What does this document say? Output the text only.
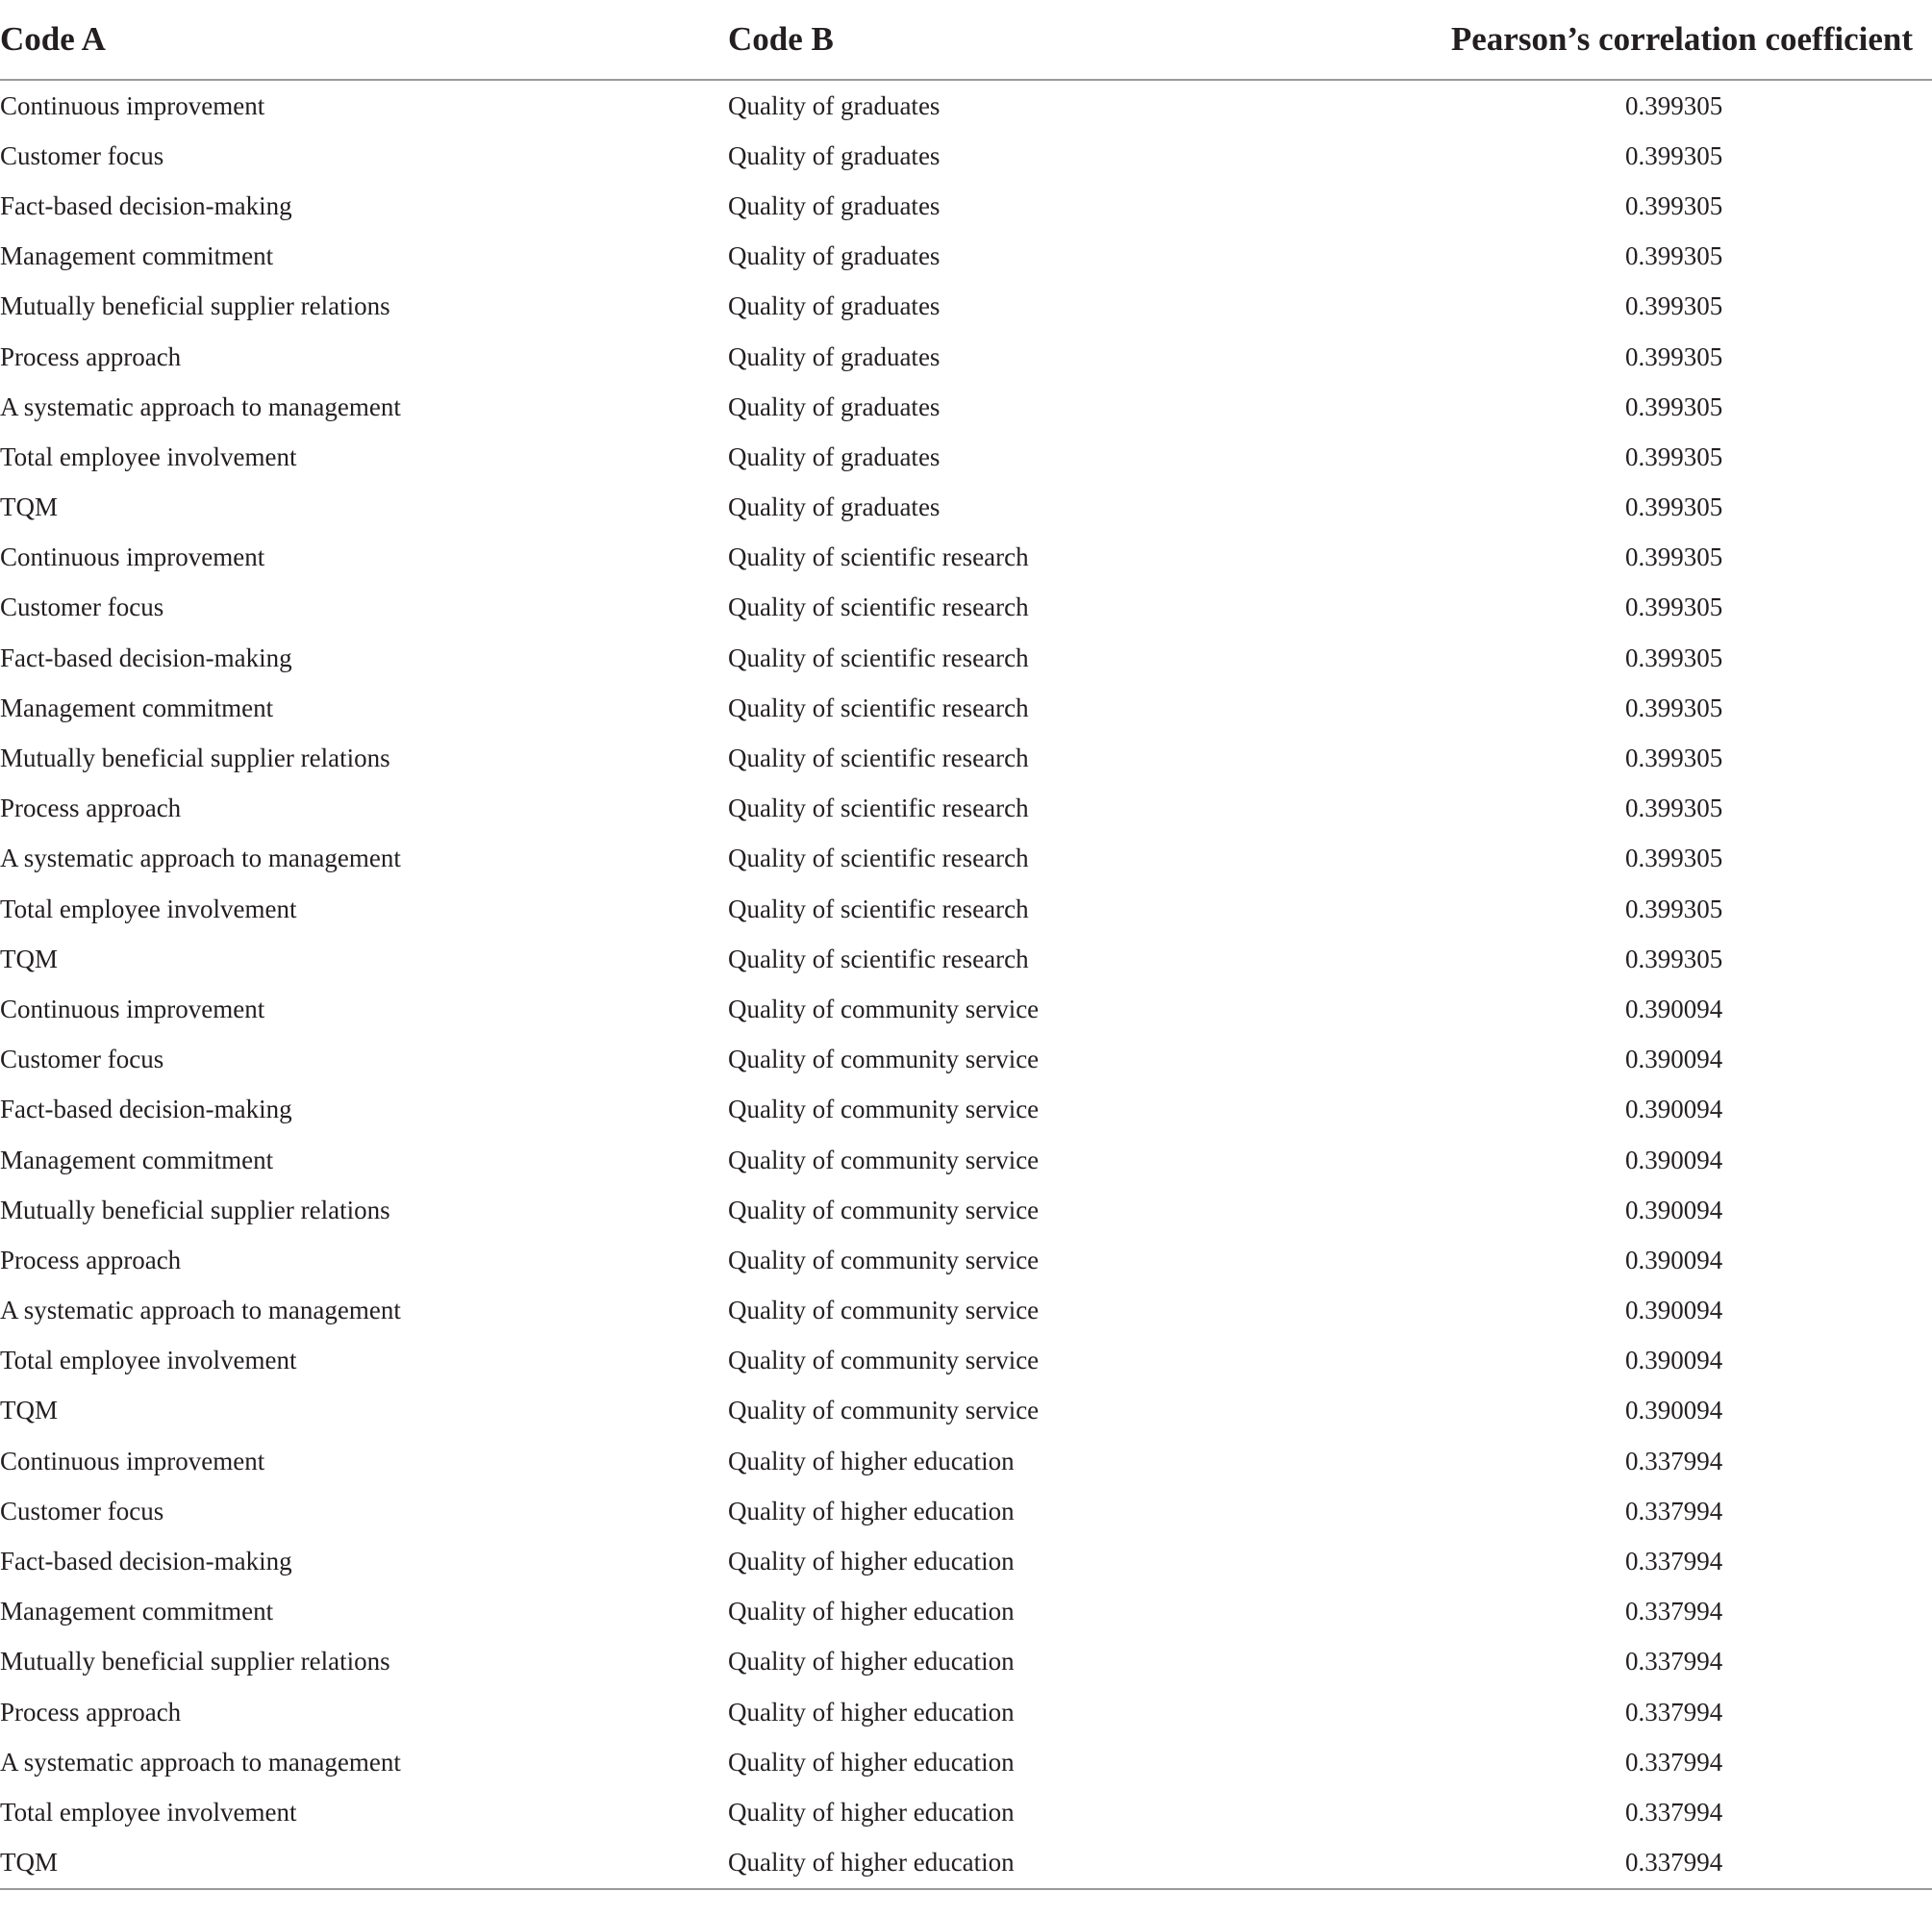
Code A	Code B	Pearson’s correlation coefficient
Continuous improvement	Quality of graduates	0.399305
Customer focus	Quality of graduates	0.399305
Fact-based decision-making	Quality of graduates	0.399305
Management commitment	Quality of graduates	0.399305
Mutually beneficial supplier relations	Quality of graduates	0.399305
Process approach	Quality of graduates	0.399305
A systematic approach to management	Quality of graduates	0.399305
Total employee involvement	Quality of graduates	0.399305
TQM	Quality of graduates	0.399305
Continuous improvement	Quality of scientific research	0.399305
Customer focus	Quality of scientific research	0.399305
Fact-based decision-making	Quality of scientific research	0.399305
Management commitment	Quality of scientific research	0.399305
Mutually beneficial supplier relations	Quality of scientific research	0.399305
Process approach	Quality of scientific research	0.399305
A systematic approach to management	Quality of scientific research	0.399305
Total employee involvement	Quality of scientific research	0.399305
TQM	Quality of scientific research	0.399305
Continuous improvement	Quality of community service	0.390094
Customer focus	Quality of community service	0.390094
Fact-based decision-making	Quality of community service	0.390094
Management commitment	Quality of community service	0.390094
Mutually beneficial supplier relations	Quality of community service	0.390094
Process approach	Quality of community service	0.390094
A systematic approach to management	Quality of community service	0.390094
Total employee involvement	Quality of community service	0.390094
TQM	Quality of community service	0.390094
Continuous improvement	Quality of higher education	0.337994
Customer focus	Quality of higher education	0.337994
Fact-based decision-making	Quality of higher education	0.337994
Management commitment	Quality of higher education	0.337994
Mutually beneficial supplier relations	Quality of higher education	0.337994
Process approach	Quality of higher education	0.337994
A systematic approach to management	Quality of higher education	0.337994
Total employee involvement	Quality of higher education	0.337994
TQM	Quality of higher education	0.337994
